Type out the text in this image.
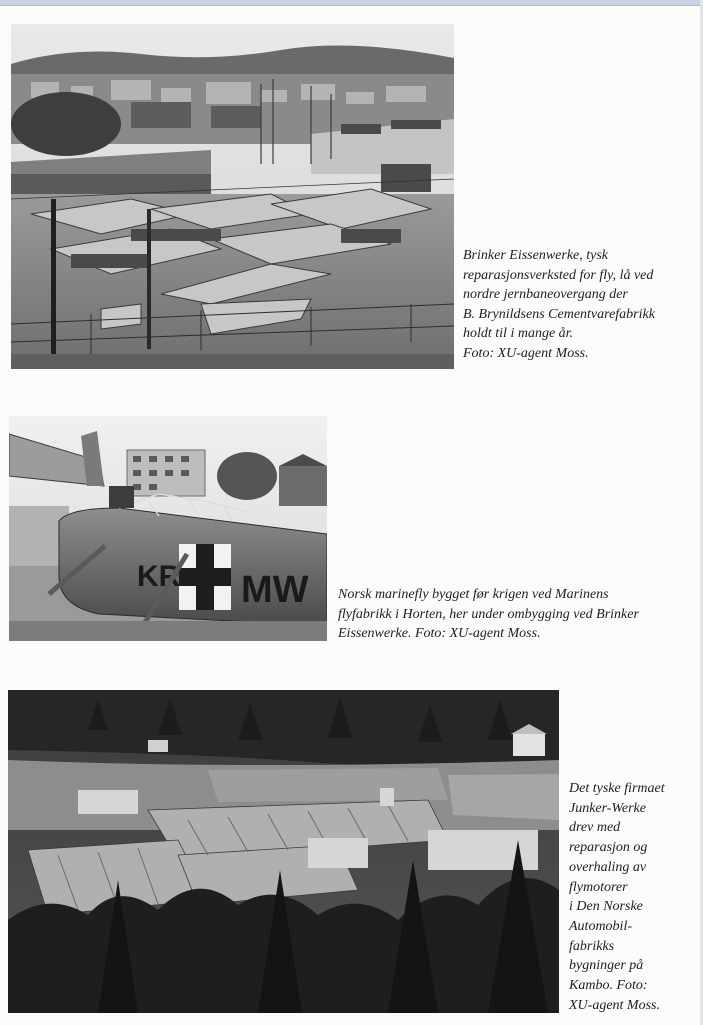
Brinker Eissenwerke, tysk
reparasjonsverksted for fly, lå ved
nordre jernbaneovergang der
B. Brynildsens Cementvarefabrikk
holdt til i mange år.
Foto: XU-agent Moss.

KR MW Norsk marinefly bygget før krigen ved Marinens
flyfabrikk i Horten, her under ombygging ved Brinker
Eissenwerke. Foto: XU-agent Moss.

Det tyske firmaet
Junker-Werke
drev med
reparasjon og
overhaling av
flymotorer
i Den Norske
Automobil-
fabrikks
bygninger på
Kambo. Foto:
XU-agent Moss.
